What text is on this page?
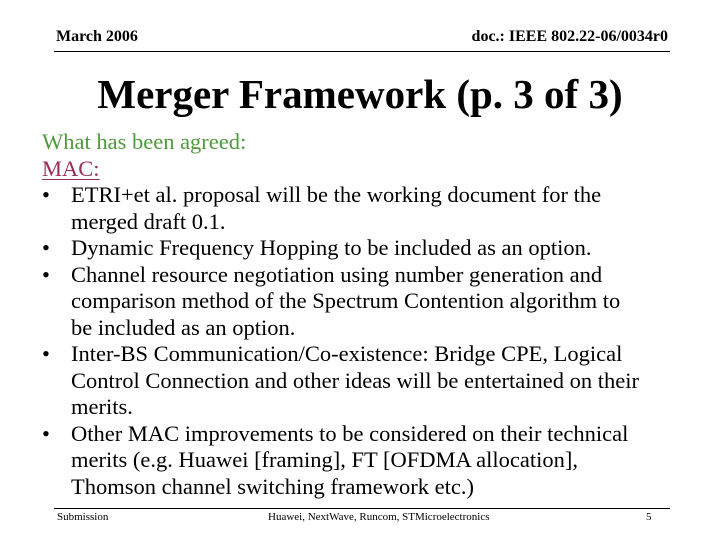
March 2006	doc.: IEEE 802.22-06/0034r0
Merger Framework (p. 3 of 3)

What has been agreed:

MAC:

• ETRI+et al. proposal will be the working document for the
merged draft 0.1.
• Dynamic Frequency Hopping to be included as an option.
• Channel resource negotiation using number generation and
comparison method of the Spectrum Contention algorithm to
be included as an option.
• Inter-BS Communication/Co-existence: Bridge CPE, Logical
Control Connection and other ideas will be entertained on their
merits.
• Other MAC improvements to be considered on their technical
merits (e.g. Huawei [framing], FT [OFDMA allocation],
Thomson channel switching framework etc.)
Submission	Huawei, NextWave, Runcom, STMicroelectronics	5
